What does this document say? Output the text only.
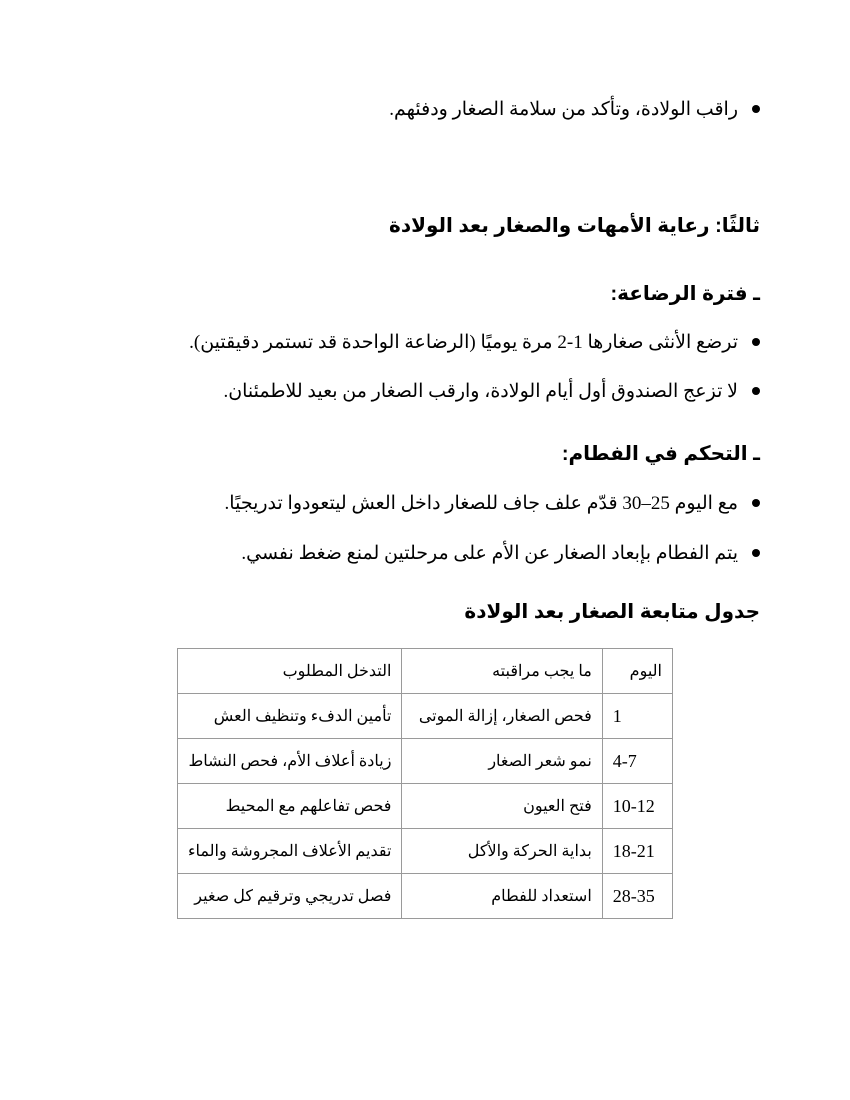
راقب الولادة، وتأكد من سلامة الصغار ودفئهم.
ثالثًا: رعاية الأمهات والصغار بعد الولادة
ـ فترة الرضاعة:
ترضع الأنثى صغارها 1-2 مرة يوميًا (الرضاعة الواحدة قد تستمر دقيقتين).
لا تزعج الصندوق أول أيام الولادة، وارقب الصغار من بعيد للاطمئنان.
ـ التحكم في الفطام:
مع اليوم 25–30 قدّم علف جاف للصغار داخل العش ليتعودوا تدريجيًا.
يتم الفطام بإبعاد الصغار عن الأم على مرحلتين لمنع ضغط نفسي.
جدول متابعة الصغار بعد الولادة
اليوم	ما يجب مراقبته	التدخل المطلوب
1	فحص الصغار، إزالة الموتى	تأمين الدفء وتنظيف العش
4-7	نمو شعر الصغار	زيادة أعلاف الأم، فحص النشاط
10-12	فتح العيون	فحص تفاعلهم مع المحيط
18-21	بداية الحركة والأكل	تقديم الأعلاف المجروشة والماء
28-35	استعداد للفطام	فصل تدريجي وترقيم كل صغير
